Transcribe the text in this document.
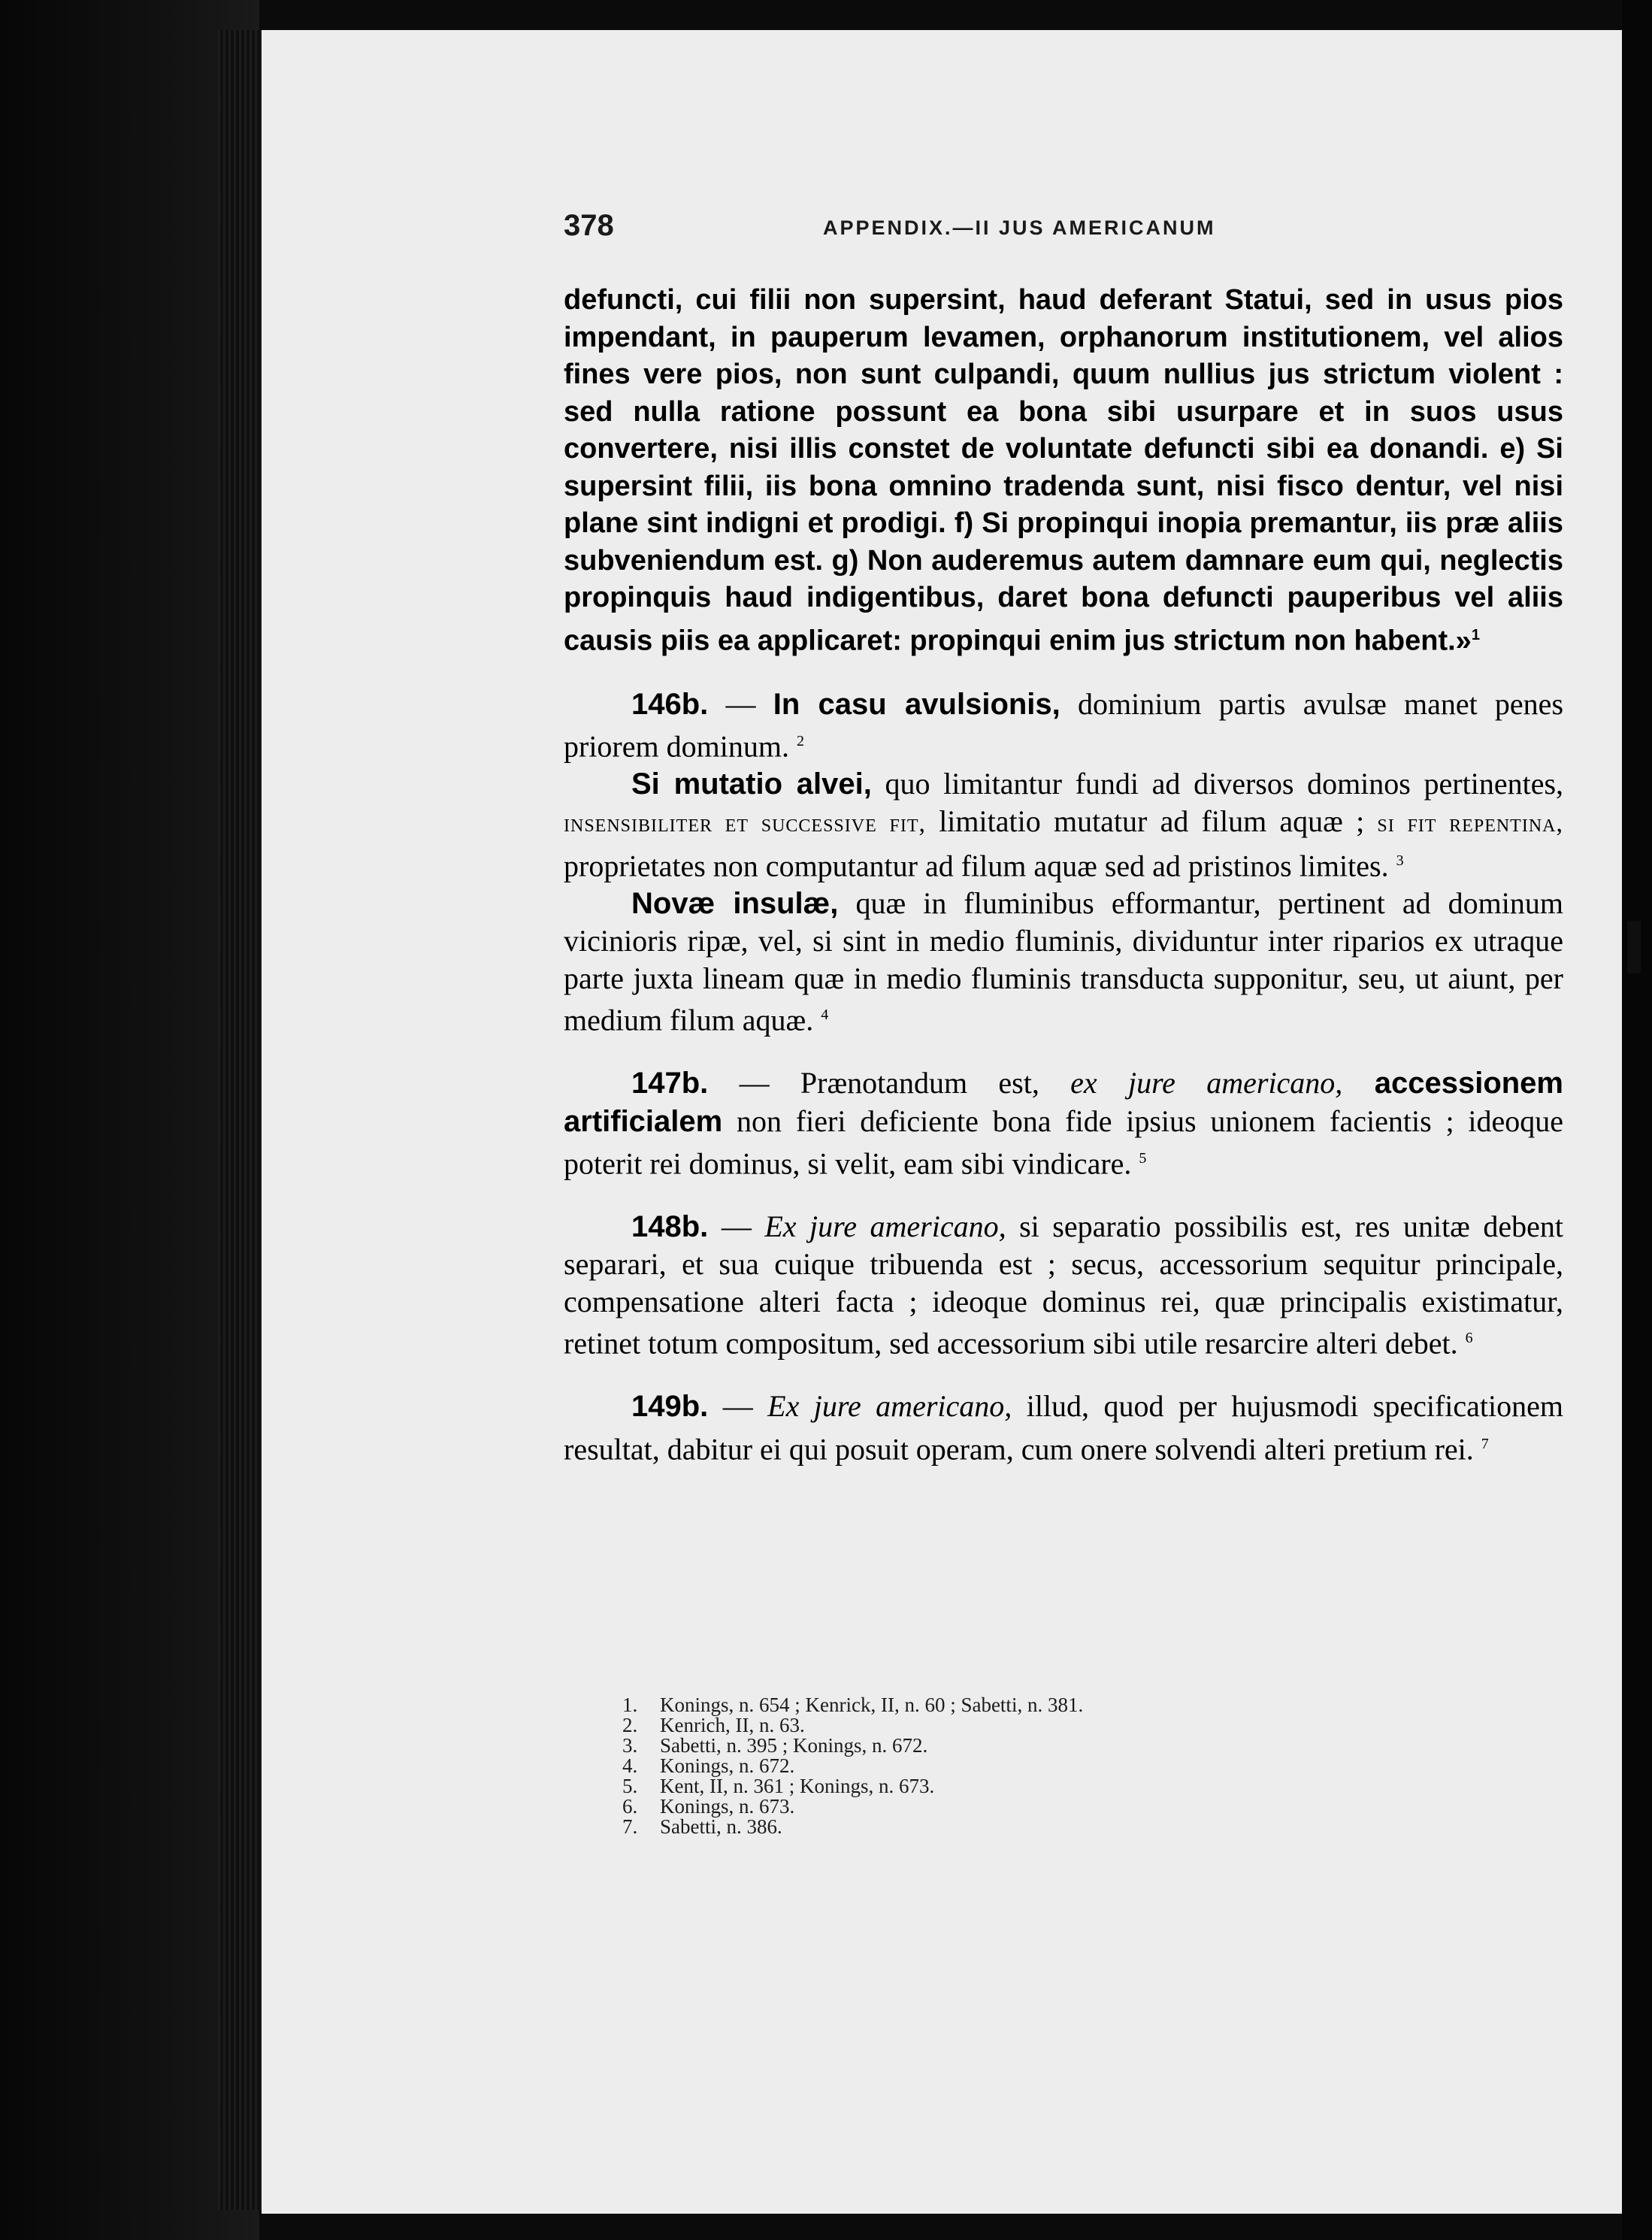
378	APPENDIX.—II JUS AMERICANUM

defuncti, cui filii non supersint, haud deferant Statui, sed in usus pios impendant, in pauperum levamen, orphanorum institutionem, vel alios fines vere pios, non sunt culpandi, quum nullius jus strictum violent : sed nulla ratione possunt ea bona sibi usurpare et in suos usus convertere, nisi illis constet de voluntate defuncti sibi ea donandi. e) Si supersint filii, iis bona omnino tradenda sunt, nisi fisco dentur, vel nisi plane sint indigni et prodigi. f) Si propinqui inopia premantur, iis præ aliis subveniendum est. g) Non auderemus autem damnare eum qui, neglectis propinquis haud indigentibus, daret bona defuncti pauperibus vel aliis causis piis ea applicaret: propinqui enim jus strictum non habent.»$^1$

146b. — In casu avulsionis, dominium partis avulsæ manet penes priorem dominum. $^2$

Si mutatio alvei, quo limitantur fundi ad diversos dominos pertinentes, insensibiliter et successive fit, limitatio mutatur ad filum aquæ ; si fit repentina, proprietates non computantur ad filum aquæ sed ad pristinos limites. $^3$

Novæ insulæ, quæ in fluminibus efformantur, pertinent ad dominum vicinioris ripæ, vel, si sint in medio fluminis, dividuntur inter riparios ex utraque parte juxta lineam quæ in medio fluminis transducta supponitur, seu, ut aiunt, per medium filum aquæ. $^4$

147b. — Prænotandum est, ex jure americano, accessionem artificialem non fieri deficiente bona fide ipsius unionem facientis ; ideoque poterit rei dominus, si velit, eam sibi vindicare. $^5$

148b. — Ex jure americano, si separatio possibilis est, res unitæ debent separari, et sua cuique tribuenda est ; secus, accessorium sequitur principale, compensatione alteri facta ; ideoque dominus rei, quæ principalis existimatur, retinet totum compositum, sed accessorium sibi utile resarcire alteri debet. $^6$

149b. — Ex jure americano, illud, quod per hujusmodi specificationem resultat, dabitur ei qui posuit operam, cum onere solvendi alteri pretium rei. $^7$

1. Konings, n. 654 ; Kenrick, II, n. 60 ; Sabetti, n. 381.
2. Kenrich, II, n. 63.
3. Sabetti, n. 395 ; Konings, n. 672.
4. Konings, n. 672.
5. Kent, II, n. 361 ; Konings, n. 673.
6. Konings, n. 673.
7. Sabetti, n. 386.
